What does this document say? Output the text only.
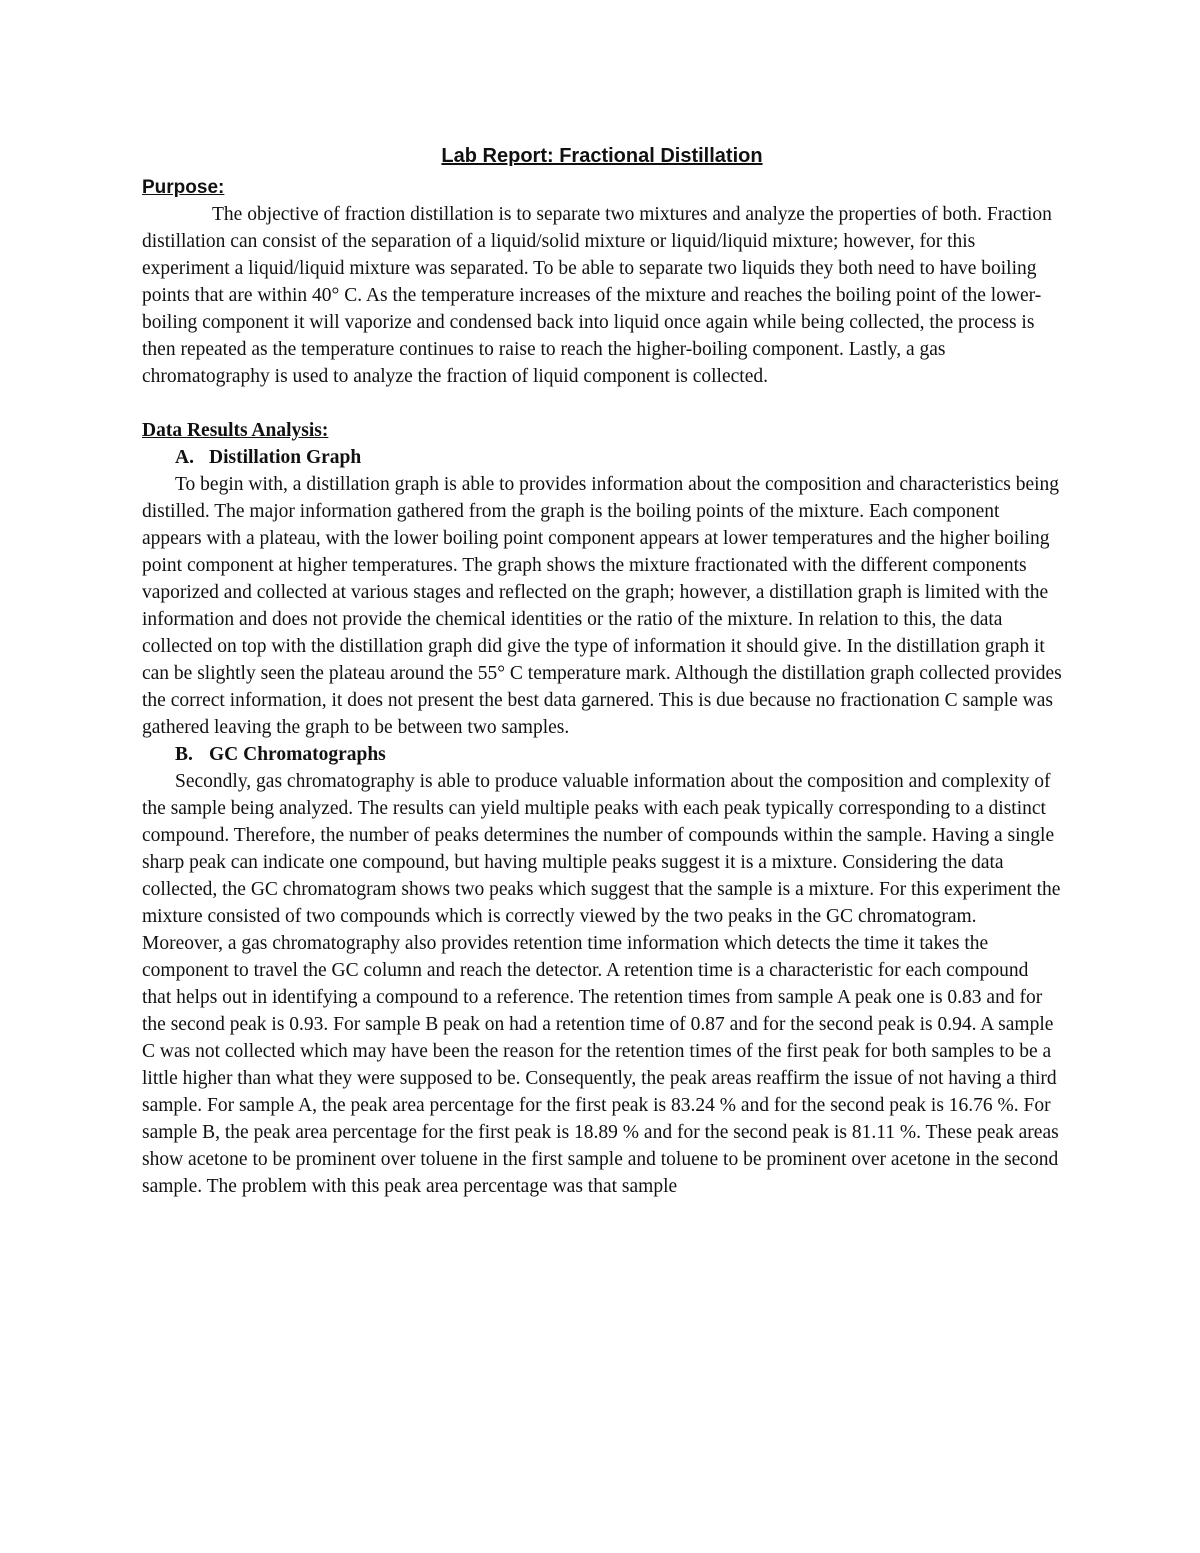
Lab Report: Fractional Distillation
Purpose:

The objective of fraction distillation is to separate two mixtures and analyze the properties of both. Fraction distillation can consist of the separation of a liquid/solid mixture or liquid/liquid mixture; however, for this experiment a liquid/liquid mixture was separated. To be able to separate two liquids they both need to have boiling points that are within 40° C. As the temperature increases of the mixture and reaches the boiling point of the lower-boiling component it will vaporize and condensed back into liquid once again while being collected, the process is then repeated as the temperature continues to raise to reach the higher-boiling component. Lastly, a gas chromatography is used to analyze the fraction of liquid component is collected.

Data Results Analysis:
A. Distillation Graph

To begin with, a distillation graph is able to provides information about the composition and characteristics being distilled. The major information gathered from the graph is the boiling points of the mixture. Each component appears with a plateau, with the lower boiling point component appears at lower temperatures and the higher boiling point component at higher temperatures. The graph shows the mixture fractionated with the different components vaporized and collected at various stages and reflected on the graph; however, a distillation graph is limited with the information and does not provide the chemical identities or the ratio of the mixture. In relation to this, the data collected on top with the distillation graph did give the type of information it should give. In the distillation graph it can be slightly seen the plateau around the 55° C temperature mark. Although the distillation graph collected provides the correct information, it does not present the best data garnered. This is due because no fractionation C sample was gathered leaving the graph to be between two samples.

B. GC Chromatographs

Secondly, gas chromatography is able to produce valuable information about the composition and complexity of the sample being analyzed. The results can yield multiple peaks with each peak typically corresponding to a distinct compound. Therefore, the number of peaks determines the number of compounds within the sample. Having a single sharp peak can indicate one compound, but having multiple peaks suggest it is a mixture. Considering the data collected, the GC chromatogram shows two peaks which suggest that the sample is a mixture. For this experiment the mixture consisted of two compounds which is correctly viewed by the two peaks in the GC chromatogram. Moreover, a gas chromatography also provides retention time information which detects the time it takes the component to travel the GC column and reach the detector. A retention time is a characteristic for each compound that helps out in identifying a compound to a reference. The retention times from sample A peak one is 0.83 and for the second peak is 0.93. For sample B peak on had a retention time of 0.87 and for the second peak is 0.94. A sample C was not collected which may have been the reason for the retention times of the first peak for both samples to be a little higher than what they were supposed to be. Consequently, the peak areas reaffirm the issue of not having a third sample. For sample A, the peak area percentage for the first peak is 83.24 % and for the second peak is 16.76 %. For sample B, the peak area percentage for the first peak is 18.89 % and for the second peak is 81.11 %. These peak areas show acetone to be prominent over toluene in the first sample and toluene to be prominent over acetone in the second sample. The problem with this peak area percentage was that sample
